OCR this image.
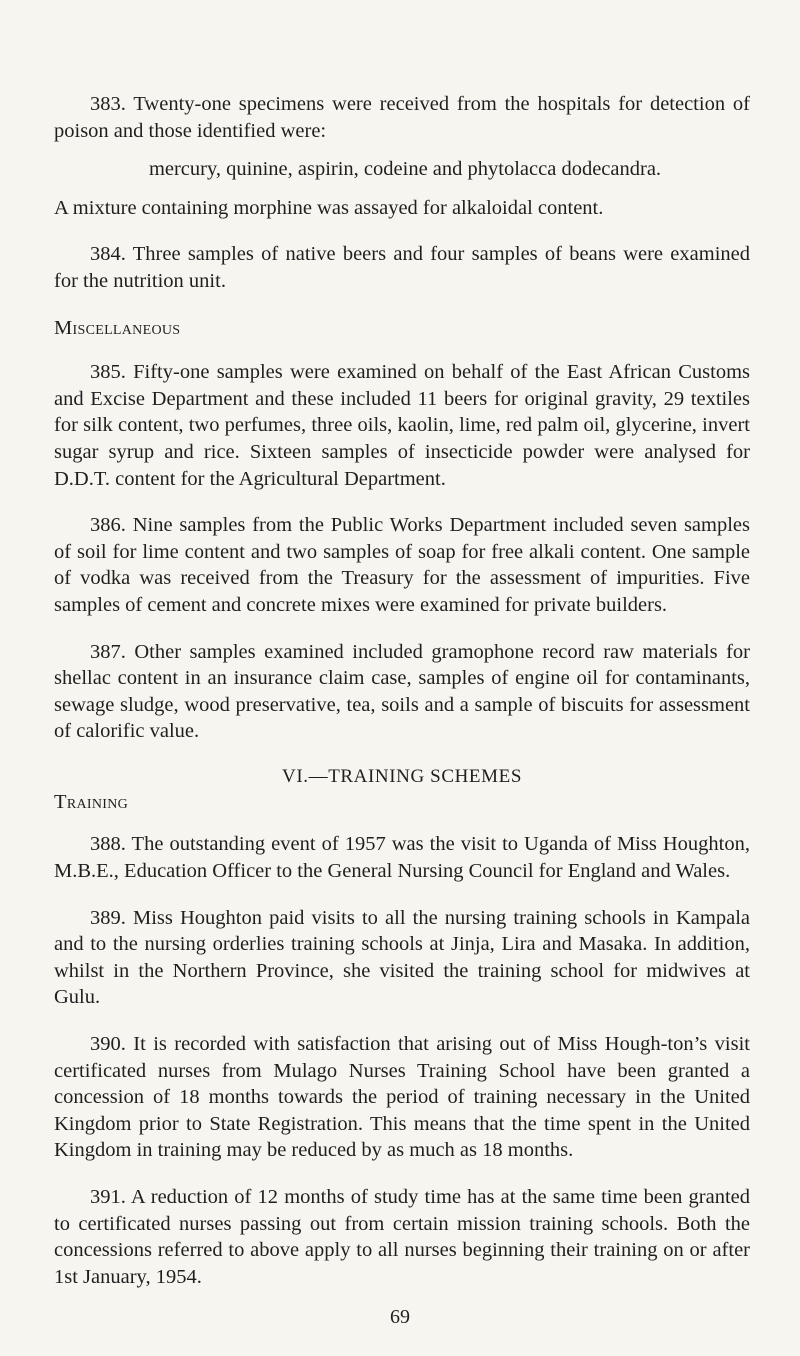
383. Twenty-one specimens were received from the hospitals for detection of poison and those identified were:

mercury, quinine, aspirin, codeine and phytolacca dodecandra.

A mixture containing morphine was assayed for alkaloidal content.

384. Three samples of native beers and four samples of beans were examined for the nutrition unit.

Miscellaneous

385. Fifty-one samples were examined on behalf of the East African Customs and Excise Department and these included 11 beers for original gravity, 29 textiles for silk content, two perfumes, three oils, kaolin, lime, red palm oil, glycerine, invert sugar syrup and rice. Sixteen samples of insecticide powder were analysed for D.D.T. content for the Agricultural Department.

386. Nine samples from the Public Works Department included seven samples of soil for lime content and two samples of soap for free alkali content. One sample of vodka was received from the Treasury for the assessment of impurities. Five samples of cement and concrete mixes were examined for private builders.

387. Other samples examined included gramophone record raw materials for shellac content in an insurance claim case, samples of engine oil for contaminants, sewage sludge, wood preservative, tea, soils and a sample of biscuits for assessment of calorific value.

VI.—TRAINING SCHEMES
Training

388. The outstanding event of 1957 was the visit to Uganda of Miss Houghton, M.B.E., Education Officer to the General Nursing Council for England and Wales.

389. Miss Houghton paid visits to all the nursing training schools in Kampala and to the nursing orderlies training schools at Jinja, Lira and Masaka. In addition, whilst in the Northern Province, she visited the training school for midwives at Gulu.

390. It is recorded with satisfaction that arising out of Miss Hough-ton’s visit certificated nurses from Mulago Nurses Training School have been granted a concession of 18 months towards the period of training necessary in the United Kingdom prior to State Registration. This means that the time spent in the United Kingdom in training may be reduced by as much as 18 months.

391. A reduction of 12 months of study time has at the same time been granted to certificated nurses passing out from certain mission training schools. Both the concessions referred to above apply to all nurses beginning their training on or after 1st January, 1954.

69
